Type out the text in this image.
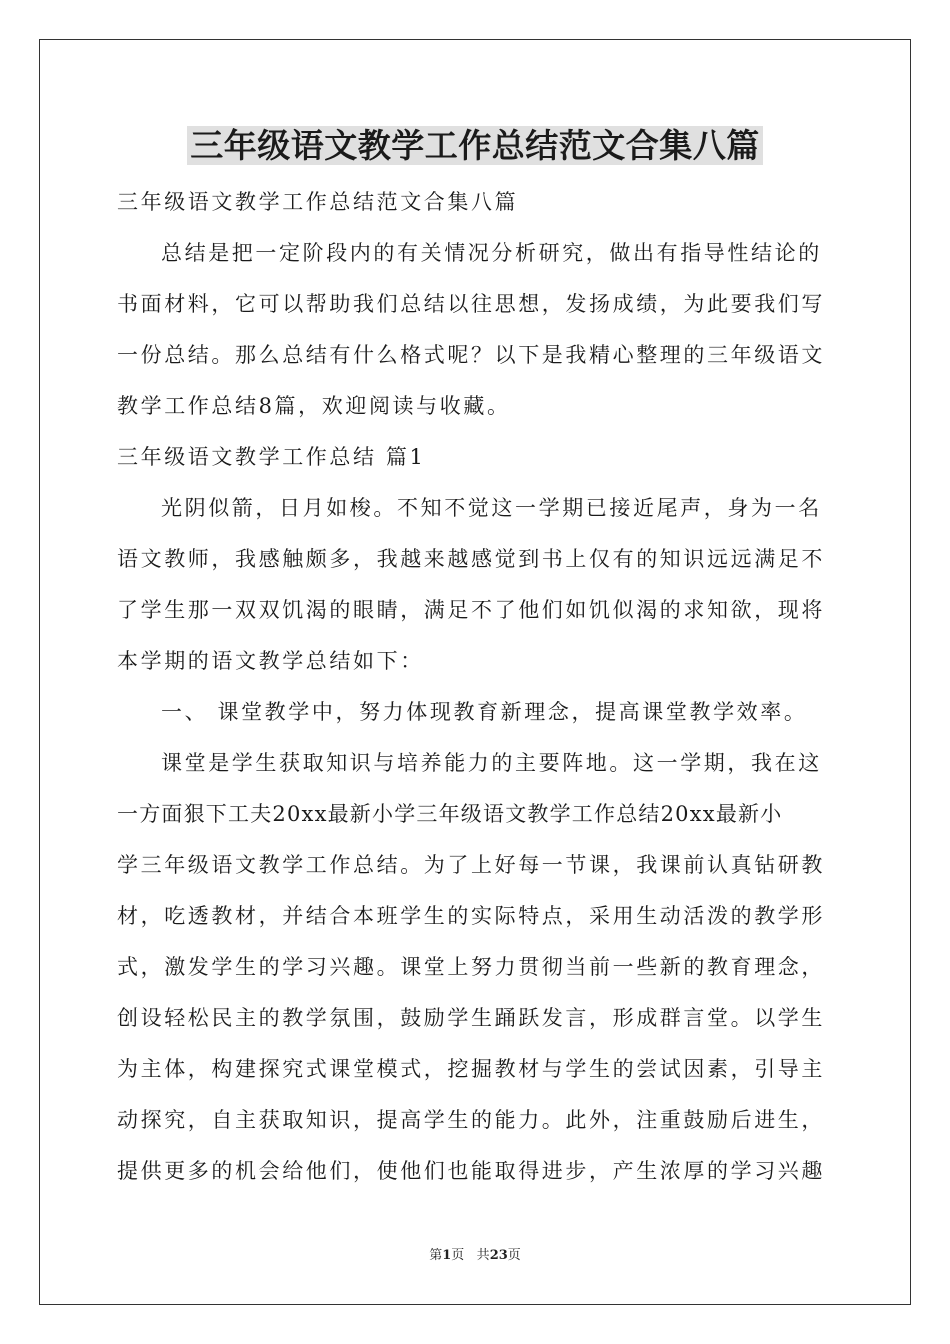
三年级语文教学工作总结范文合集八篇
三年级语文教学工作总结范文合集八篇
总结是把一定阶段内的有关情况分析研究，做出有指导性结论的
书面材料，它可以帮助我们总结以往思想，发扬成绩，为此要我们写
一份总结。那么总结有什么格式呢？以下是我精心整理的三年级语文
教学工作总结8篇，欢迎阅读与收藏。
三年级语文教学工作总结 篇1
光阴似箭，日月如梭。不知不觉这一学期已接近尾声，身为一名
语文教师，我感触颇多，我越来越感觉到书上仅有的知识远远满足不
了学生那一双双饥渴的眼睛，满足不了他们如饥似渴的求知欲，现将
本学期的语文教学总结如下：
一、 课堂教学中，努力体现教育新理念，提高课堂教学效率。
课堂是学生获取知识与培养能力的主要阵地。这一学期，我在这
一方面狠下工夫20xx最新小学三年级语文教学工作总结20xx最新小
学三年级语文教学工作总结。为了上好每一节课，我课前认真钻研教
材，吃透教材，并结合本班学生的实际特点，采用生动活泼的教学形
式，激发学生的学习兴趣。课堂上努力贯彻当前一些新的教育理念，
创设轻松民主的教学氛围，鼓励学生踊跃发言，形成群言堂。以学生
为主体，构建探究式课堂模式，挖掘教材与学生的尝试因素，引导主
动探究，自主获取知识，提高学生的能力。此外，注重鼓励后进生，
提供更多的机会给他们，使他们也能取得进步，产生浓厚的学习兴趣
第1页 共23页
